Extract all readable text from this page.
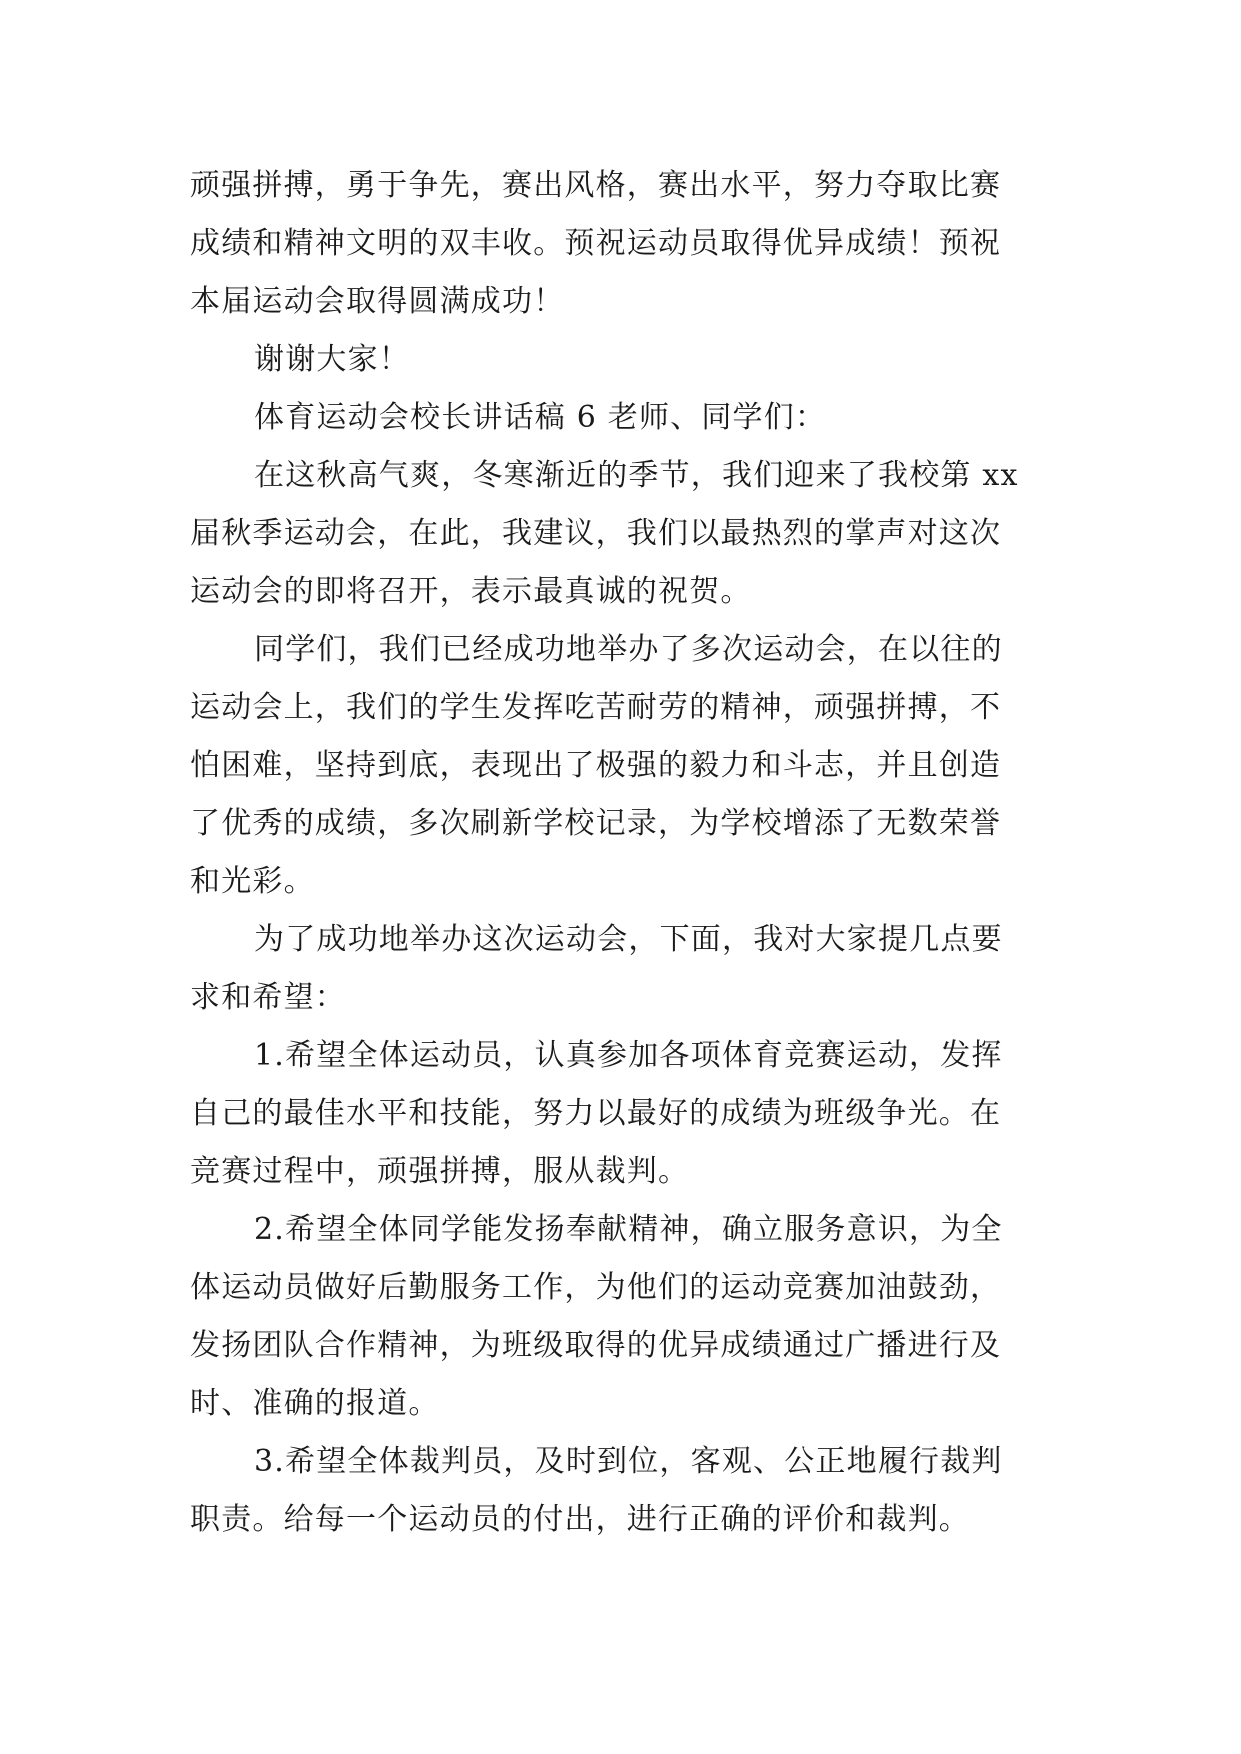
顽强拼搏，勇于争先，赛出风格，赛出水平，努力夺取比赛
成绩和精神文明的双丰收。预祝运动员取得优异成绩！预祝
本届运动会取得圆满成功！
谢谢大家！
体育运动会校长讲话稿 6 老师、同学们：
在这秋高气爽，冬寒渐近的季节，我们迎来了我校第 xx
届秋季运动会，在此，我建议，我们以最热烈的掌声对这次
运动会的即将召开，表示最真诚的祝贺。
同学们，我们已经成功地举办了多次运动会，在以往的
运动会上，我们的学生发挥吃苦耐劳的精神，顽强拼搏，不
怕困难，坚持到底，表现出了极强的毅力和斗志，并且创造
了优秀的成绩，多次刷新学校记录，为学校增添了无数荣誉
和光彩。
为了成功地举办这次运动会，下面，我对大家提几点要
求和希望：
1.希望全体运动员，认真参加各项体育竞赛运动，发挥
自己的最佳水平和技能，努力以最好的成绩为班级争光。在
竞赛过程中，顽强拼搏，服从裁判。
2.希望全体同学能发扬奉献精神，确立服务意识，为全
体运动员做好后勤服务工作，为他们的运动竞赛加油鼓劲，
发扬团队合作精神，为班级取得的优异成绩通过广播进行及
时、准确的报道。
3.希望全体裁判员，及时到位，客观、公正地履行裁判
职责。给每一个运动员的付出，进行正确的评价和裁判。
